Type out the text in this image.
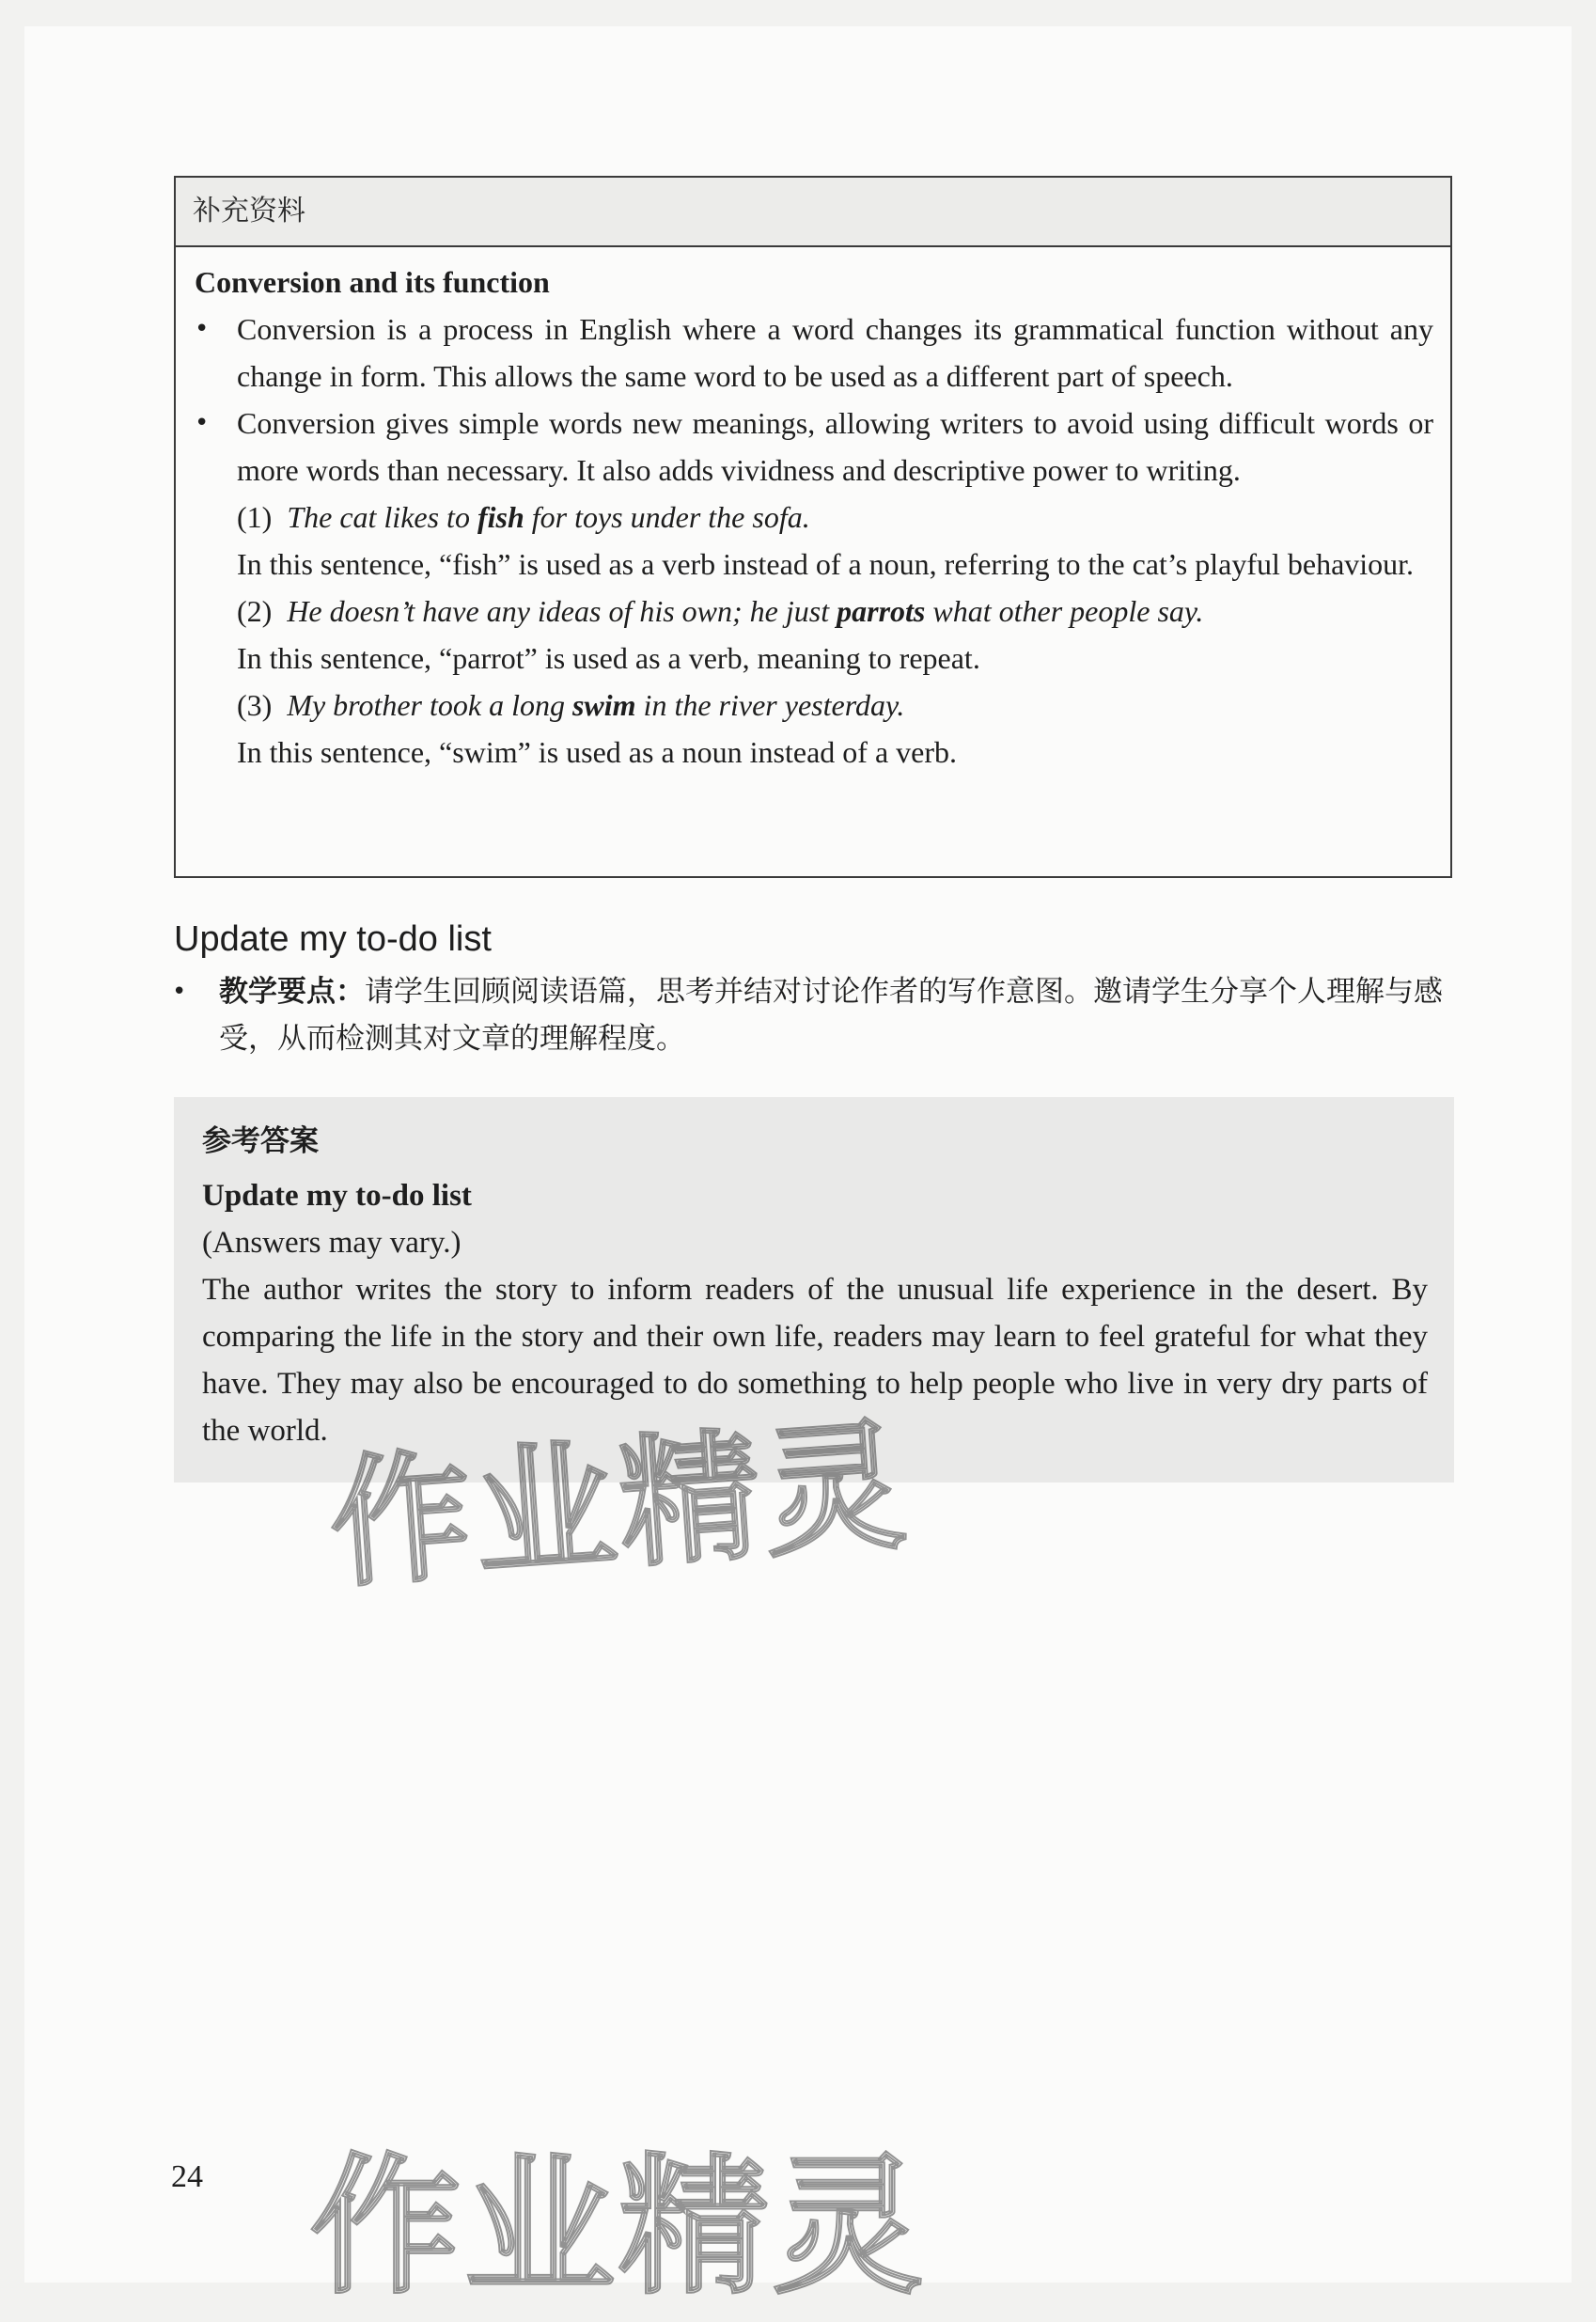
补充资料

Conversion and its function

• Conversion is a process in English where a word changes its grammatical function without any change in form. This allows the same word to be used as a different part of speech.
• Conversion gives simple words new meanings, allowing writers to avoid using difficult words or more words than necessary. It also adds vividness and descriptive power to writing.
(1) The cat likes to fish for toys under the sofa.
In this sentence, “fish” is used as a verb instead of a noun, referring to the cat’s playful behaviour.
(2) He doesn’t have any ideas of his own; he just parrots what other people say.
In this sentence, “parrot” is used as a verb, meaning to repeat.
(3) My brother took a long swim in the river yesterday.
In this sentence, “swim” is used as a noun instead of a verb.
Update my to-do list
• 教学要点：请学生回顾阅读语篇，思考并结对讨论作者的写作意图。邀请学生分享个人理解与感受，从而检测其对文章的理解程度。
参考答案
Update my to-do list
(Answers may vary.)
The author writes the story to inform readers of the unusual life experience in the desert. By comparing the life in the story and their own life, readers may learn to feel grateful for what they have. They may also be encouraged to do something to help people who live in very dry parts of the world.
作业精灵
作业精灵
24
